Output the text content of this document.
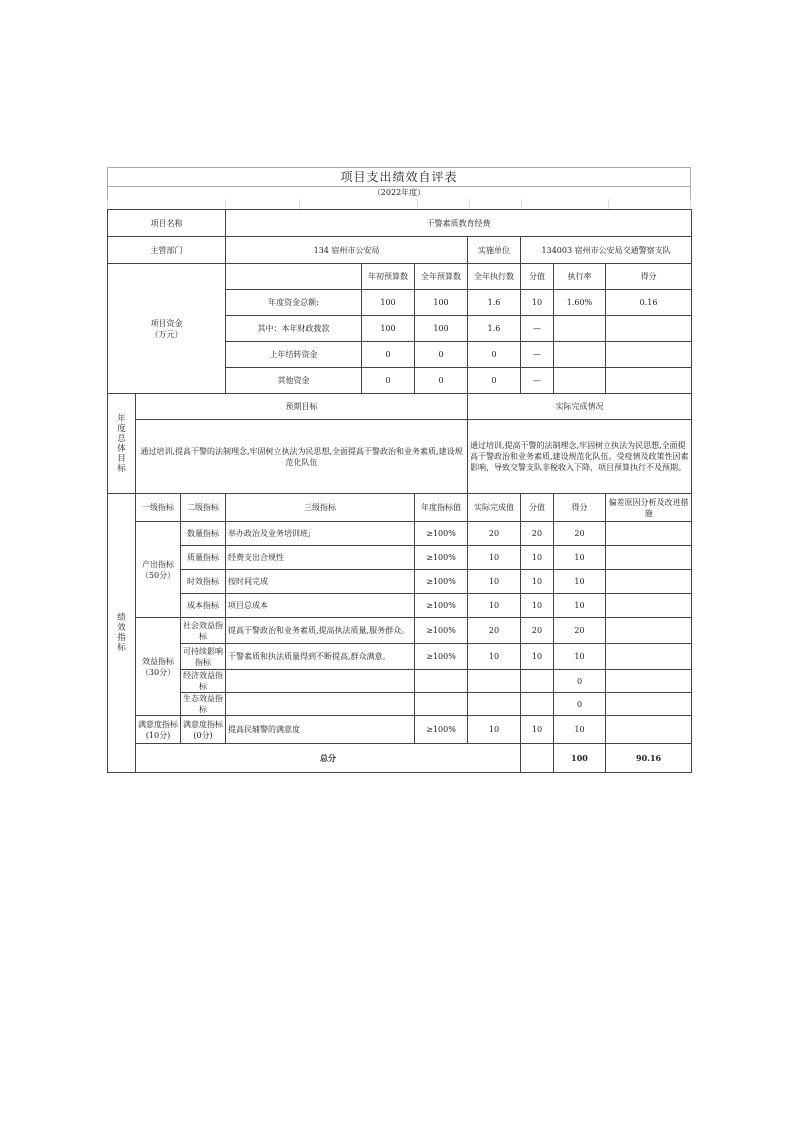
项目支出绩效自评表
（2022年度）
项目名称			干警素质教育经费							
主管部门			134 宿州市公安局			实施单位	134003 宿州市公安局交通警察支队			
项目资金
（万元）				年初预算数	全年预算数	全年执行数	分值	执行率	得分	
			年度资金总额:	100	100	1.6	10	1.60%	0.16	
			其中：本年财政拨款	100	100	1.6	—			
			上年结转资金	0	0	0	—			
			其他资金	0	0	0	—			
年度总体目标	预期目标					实际完成情况				
	通过培训,提高干警的法制理念,牢固树立执法为民思想,全面提高干警政治和业务素质,建设规范化队伍					通过培训,提高干警的法制理念,牢固树立执法为民思想,全面提高干警政治和业务素质,建设规范化队伍。受疫情及政策性因素影响，导致交警支队非税收入下降，项目预算执行不及预期。				
绩效指标	一级指标	二级指标	三级指标		年度指标值	实际完成值	分值	得分	偏差原因分析及改进措施	
	产出指标（50分）	数量指标	举办政治及业务培训班;		≥100%	20	20	20		
		质量指标	经费支出合规性		≥100%	10	10	10		
		时效指标	按时间完成		≥100%	10	10	10		
		成本指标	项目总成本		≥100%	10	10	10		
	效益指标（30分）	社会效益指标	提高干警政治和业务素质,提高执法质量,服务群众。		≥100%	20	20	20		
		可持续影响指标	干警素质和执法质量得到不断提高,群众满意。		≥100%	10	10	10		
		经济效益指标						0		
		生态效益指标						0		
	满意度指标(10分)	满意度指标(0分)	提高民辅警的满意度		≥100%	10	10	10		
	总分							100	90.16	
